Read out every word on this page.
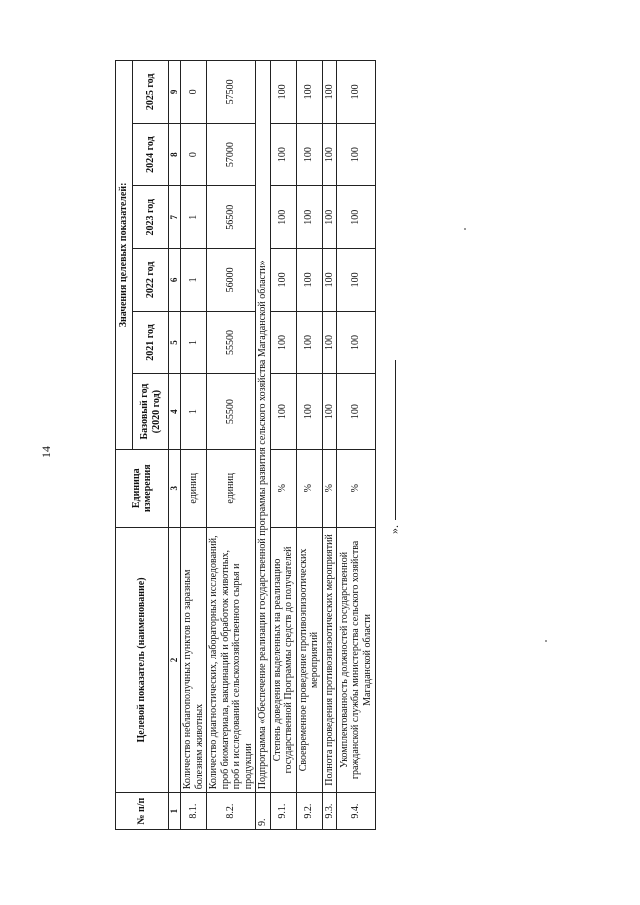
14
№ п/п	Целевой показатель (наименование)	Единица измерения	Значения целевых показателей:					
			Базовый год (2020 год)	2021 год	2022 год	2023 год	2024 год	2025 год
1	2	3	4	5	6	7	8	9
8.1.	Количество неблагополучных пунктов по заразным болезням животных	единиц	1	1	1	1	0	0
8.2.	Количество диагностических, лабораторных исследований, проб биоматериала, вакцинаций и обработок животных, проб и исследований сельскохозяйственного сырья и продукции	единиц	55500	55500	56000	56500	57000	57500
9.	Подпрограмма «Обеспечение реализации государственной программы развития сельского хозяйства Магаданской области»							
9.1.	Степень доведения выделенных на реализацию государственной Программы средств до получателей	%	100	100	100	100	100	100
9.2.	Своевременное проведение противоэпизоотических мероприятий	%	100	100	100	100	100	100
9.3.	Полнота проведения противоэпизоотических мероприятий	%	100	100	100	100	100	100
9.4.	Укомплектованность должностей государственной гражданской службы министерства сельского хозяйства Магаданской области	%	100	100	100	100	100	100
».
